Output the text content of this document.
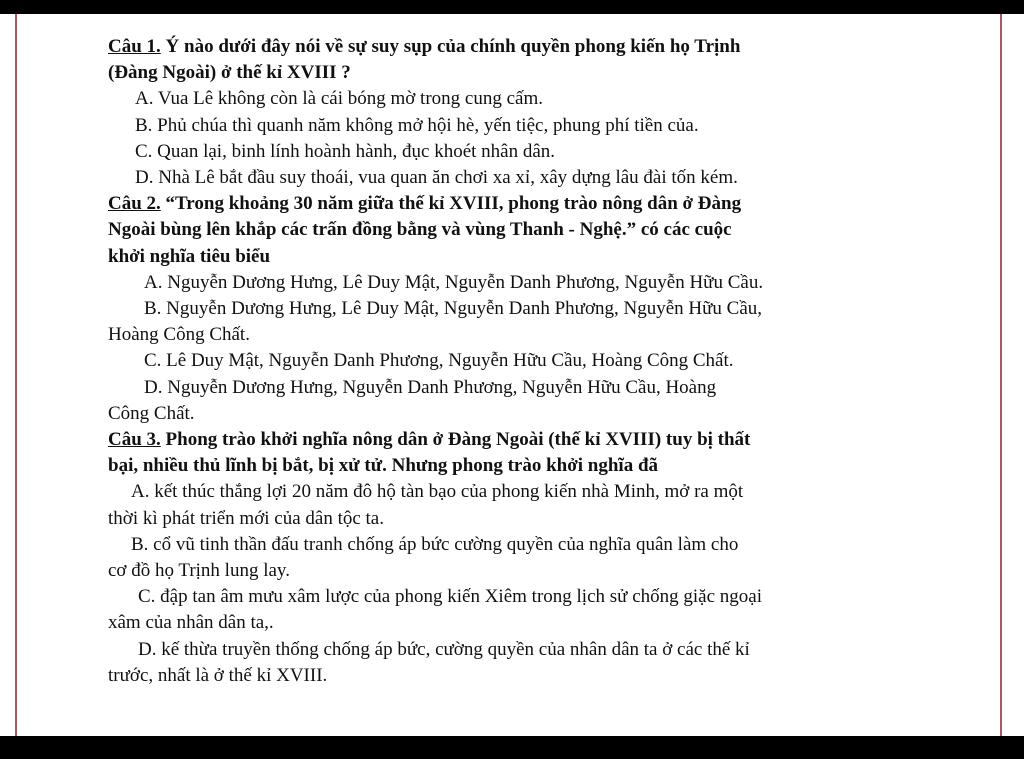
Câu 1. Ý nào dưới đây nói về sự suy sụp của chính quyền phong kiến họ Trịnh
(Đàng Ngoài) ở thế kỉ XVIII ?
A. Vua Lê không còn là cái bóng mờ trong cung cấm.
B. Phủ chúa thì quanh năm không mở hội hè, yến tiệc, phung phí tiền của.
C. Quan lại, binh lính hoành hành, đục khoét nhân dân.
D. Nhà Lê bắt đầu suy thoái, vua quan ăn chơi xa xỉ, xây dựng lâu đài tốn kém.
Câu 2. “Trong khoảng 30 năm giữa thế kỉ XVIII, phong trào nông dân ở Đàng
Ngoài bùng lên khắp các trấn đồng bằng và vùng Thanh - Nghệ.” có các cuộc
khởi nghĩa tiêu biểu
A. Nguyễn Dương Hưng, Lê Duy Mật, Nguyễn Danh Phương, Nguyễn Hữu Cầu.
B. Nguyễn Dương Hưng, Lê Duy Mật, Nguyễn Danh Phương, Nguyễn Hữu Cầu,
Hoàng Công Chất.
C. Lê Duy Mật, Nguyễn Danh Phương, Nguyễn Hữu Cầu, Hoàng Công Chất.
D. Nguyễn Dương Hưng, Nguyễn Danh Phương, Nguyễn Hữu Cầu, Hoàng
Công Chất.
Câu 3. Phong trào khởi nghĩa nông dân ở Đàng Ngoài (thế kỉ XVIII) tuy bị thất
bại, nhiều thủ lĩnh bị bắt, bị xử tử. Nhưng phong trào khởi nghĩa đã
A. kết thúc thắng lợi 20 năm đô hộ tàn bạo của phong kiến nhà Minh, mở ra một
thời kì phát triển mới của dân tộc ta.
B. cổ vũ tinh thần đấu tranh chống áp bức cường quyền của nghĩa quân làm cho
cơ đồ họ Trịnh lung lay.
C. đập tan âm mưu xâm lược của phong kiến Xiêm trong lịch sử chống giặc ngoại
xâm của nhân dân ta,.
D. kế thừa truyền thống chống áp bức, cường quyền của nhân dân ta ở các thế kỉ
trước, nhất là ở thế kỉ XVIII.
